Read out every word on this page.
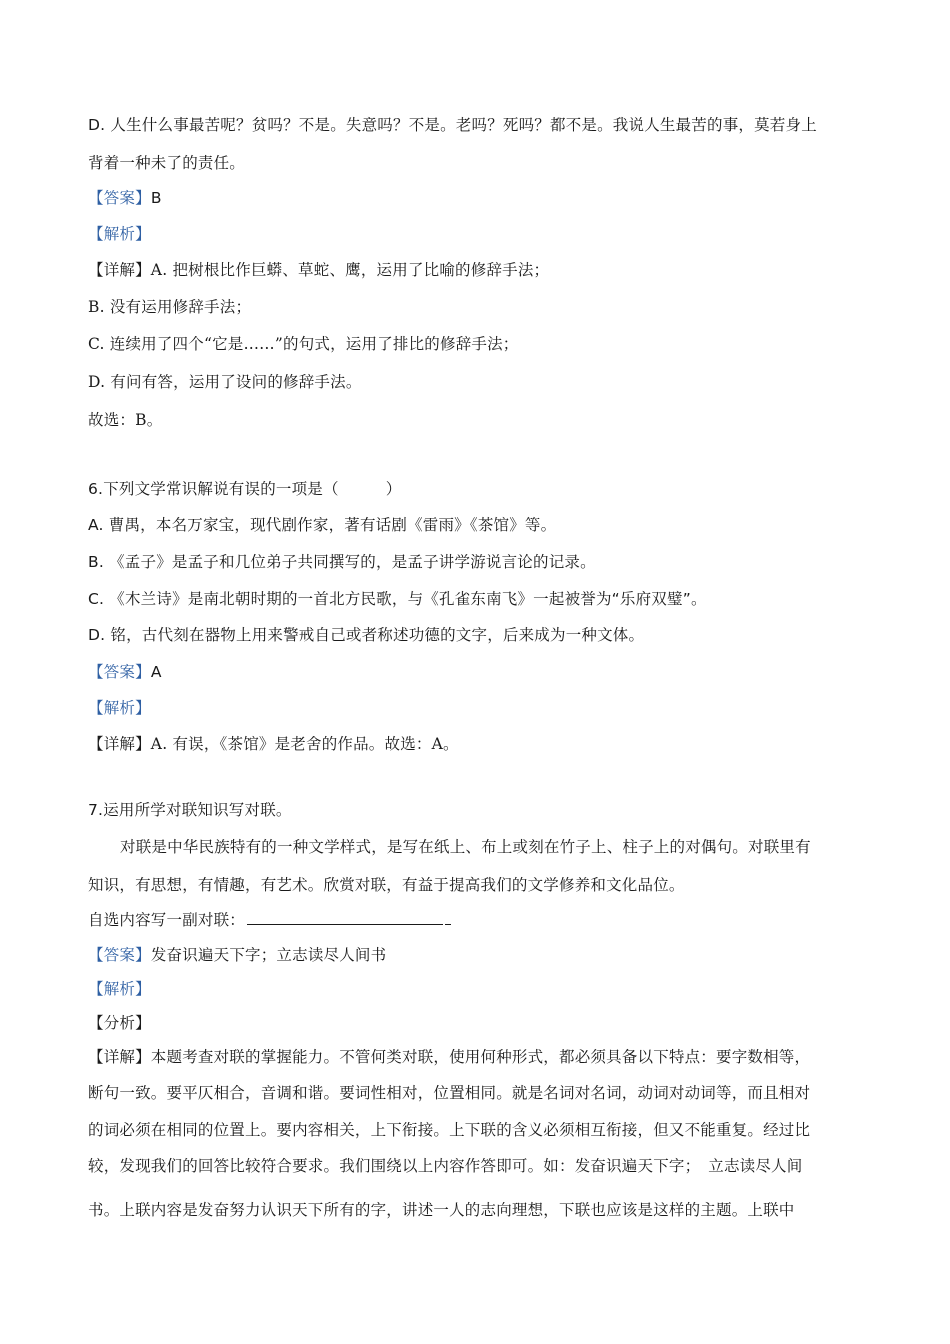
D. 人生什么事最苦呢？贫吗？不是。失意吗？不是。老吗？死吗？都不是。我说人生最苦的事，莫若身上

背着一种未了的责任。

【答案】B

【解析】

【详解】A. 把树根比作巨蟒、草蛇、鹰，运用了比喻的修辞手法；

B. 没有运用修辞手法；

C. 连续用了四个“它是……”的句式，运用了排比的修辞手法；

D. 有问有答，运用了设问的修辞手法。

故选：B。

6.下列文学常识解说有误的一项是（　　　）

A. 曹禺，本名万家宝，现代剧作家，著有话剧《雷雨》《茶馆》等。

B. 《孟子》是孟子和几位弟子共同撰写的，是孟子讲学游说言论的记录。

C. 《木兰诗》是南北朝时期的一首北方民歌，与《孔雀东南飞》一起被誉为“乐府双璧”。

D. 铭，古代刻在器物上用来警戒自己或者称述功德的文字，后来成为一种文体。

【答案】A

【解析】

【详解】A. 有误，《茶馆》是老舍的作品。故选：A。

7.运用所学对联知识写对联。

对联是中华民族特有的一种文学样式，是写在纸上、布上或刻在竹子上、柱子上的对偶句。对联里有

知识，有思想，有情趣，有艺术。欣赏对联，有益于提高我们的文学修养和文化品位。

自选内容写一副对联：

【答案】发奋识遍天下字；立志读尽人间书

【解析】

【分析】

【详解】本题考查对联的掌握能力。不管何类对联，使用何种形式，都必须具备以下特点：要字数相等，

断句一致。要平仄相合，音调和谐。要词性相对，位置相同。就是名词对名词，动词对动词等，而且相对

的词必须在相同的位置上。要内容相关，上下衔接。上下联的含义必须相互衔接，但又不能重复。经过比

较，发现我们的回答比较符合要求。我们围绕以上内容作答即可。如：发奋识遍天下字；　立志读尽人间

书。上联内容是发奋努力认识天下所有的字，讲述一人的志向理想，下联也应该是这样的主题。上联中
